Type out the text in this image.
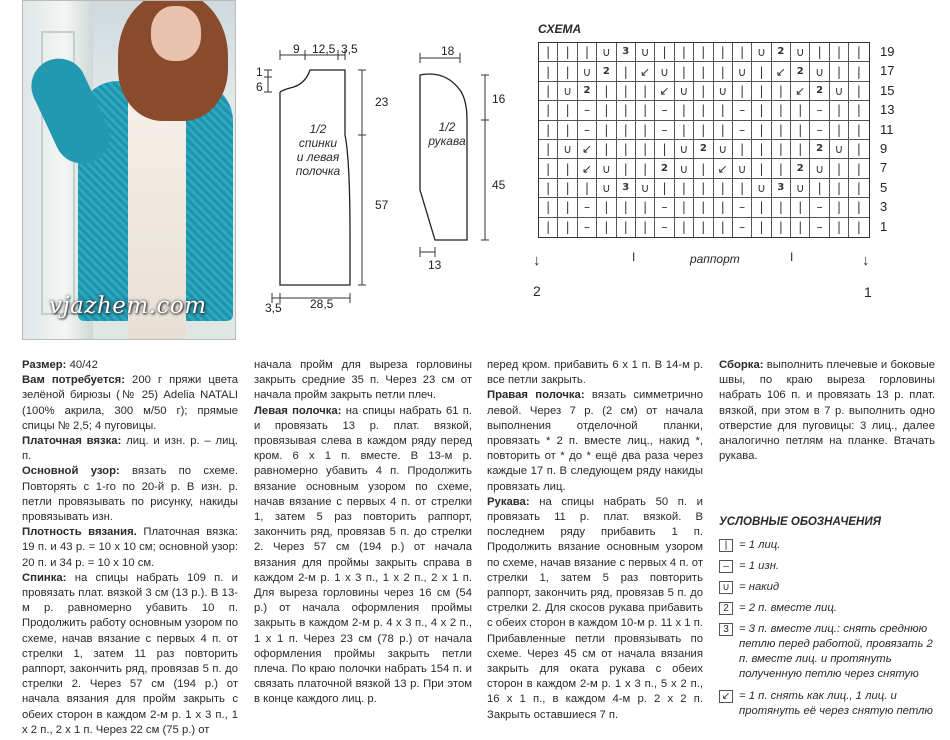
vjazhem.com
9 12,5 3,5
1
6
23
57
3,5 28,5
1/2
спинки
и левая
полочка
18
16
45
13
1/2
рукава
СХЕМА
|	|	|	∪	3 ∪	|	|	|	|	|	∪	2 ∪	|	|	|
|	|	∪	2	|	↙ ∪	|	|	|	∪	|	↙	2 ∪	|	|
|	∪	2	|	|	|	↙ ∪	|	∪	|	|	|	↙	2 ∪	|
|	|	–	|	|	|	–	|	|	|	–	|	|	|	–	|	|
|	|	–	|	|	|	–	|	|	|	–	|	|	|	–	|	|
|	∪ ↙	|	|	|	|	∪	2 ∪	|	|	|	|	2 ∪	|
|	|	↙ ∪	|	|	2 ∪	|	↙ ∪	|	|	2 ∪	|	|
|	|	|	∪	3 ∪	|	|	|	|	|	∪	3 ∪	|	|	|
|	|	–	|	|	|	–	|	|	|	–	|	|	|	–	|	|
|	|	–	|	|	|	–	|	|	|	–	|	|	|	–	|	|
19
17
15
13
11
9
7
5
3
1
↓	↓
I	I
раппорт
2	1

Размер: 40/42

Вам потребуется: 200 г пряжи цвета зелёной бирюзы (№ 25) Adelia NATALI (100% акрила, 300 м/50 г); прямые спицы № 2,5; 4 пуговицы.

Платочная вязка: лиц. и изн. р. – лиц. п.

Основной узор: вязать по схеме. Повторять с 1-го по 20-й р. В изн. р. петли провязывать по рисунку, накиды провязывать изн.

Плотность вязания. Платочная вязка: 19 п. и 43 р. = 10 х 10 см; основной узор: 20 п. и 34 р. = 10 х 10 см.

Спинка: на спицы набрать 109 п. и провязать плат. вязкой 3 см (13 р.). В 13-м р. равномерно убавить 10 п. Продолжить работу основным узором по схеме, начав вязание с первых 4 п. от стрелки 1, затем 11 раз повторить раппорт, закончить ряд, провязав 5 п. до стрелки 2. Через 57 см (194 р.) от начала вязания для пройм закрыть с обеих сторон в каждом 2-м р. 1 х 3 п., 1 х 2 п., 2 х 1 п. Через 22 см (75 р.) от

начала пройм для выреза горловины закрыть средние 35 п. Через 23 см от начала пройм закрыть петли плеч.

Левая полочка: на спицы набрать 61 п. и провязать 13 р. плат. вязкой, провязывая слева в каждом ряду перед кром. 6 х 1 п. вместе. В 13-м р. равномерно убавить 4 п. Продолжить вязание основным узором по схеме, начав вязание с первых 4 п. от стрелки 1, затем 5 раз повторить раппорт, закончить ряд, провязав 5 п. до стрелки 2. Через 57 см (194 р.) от начала вязания для проймы закрыть справа в каждом 2-м р. 1 х 3 п., 1 х 2 п., 2 х 1 п. Для выреза горловины через 16 см (54 р.) от начала оформления проймы закрыть в каждом 2-м р. 4 х 3 п., 4 х 2 п., 1 х 1 п. Через 23 см (78 р.) от начала оформления проймы закрыть петли плеча. По краю полочки набрать 154 п. и связать платочной вязкой 13 р. При этом в конце каждого лиц. р.

перед кром. прибавить 6 х 1 п. В 14-м р. все петли закрыть.

Правая полочка: вязать симметрично левой. Через 7 р. (2 см) от начала выполнения отделочной планки, провязать * 2 п. вместе лиц., накид *, повторить от * до * ещё два раза через каждые 17 п. В следующем ряду накиды провязать лиц.

Рукава: на спицы набрать 50 п. и провязать 11 р. плат. вязкой. В последнем ряду прибавить 1 п. Продолжить вязание основным узором по схеме, начав вязание с первых 4 п. от стрелки 1, затем 5 раз повторить раппорт, закончить ряд, провязав 5 п. до стрелки 2. Для скосов рукава прибавить с обеих сторон в каждом 10-м р. 11 х 1 п. Прибавленные петли провязывать по схеме. Через 45 см от начала вязания закрыть для оката рукава с обеих сторон в каждом 2-м р. 1 х 3 п., 5 х 2 п., 16 х 1 п., в каждом 4-м р. 2 х 2 п. Закрыть оставшиеся 7 п.

Сборка: выполнить плечевые и боковые швы, по краю выреза горловины набрать 106 п. и провязать 13 р. плат. вязкой, при этом в 7 р. выполнить одно отверстие для пуговицы: 3 лиц., далее аналогично петлям на планке. Втачать рукава.

УСЛОВНЫЕ ОБОЗНАЧЕНИЯ
|	= 1 лиц.
– = 1 изн.
∪ = накид
2 = 2 п. вместе лиц.
3 = 3 п. вместе лиц.: снять среднюю петлю перед работой, провязать 2 п. вместе лиц. и протянуть полученную петлю через снятую
↙ = 1 п. снять как лиц., 1 лиц. и протянуть её через снятую петлю
